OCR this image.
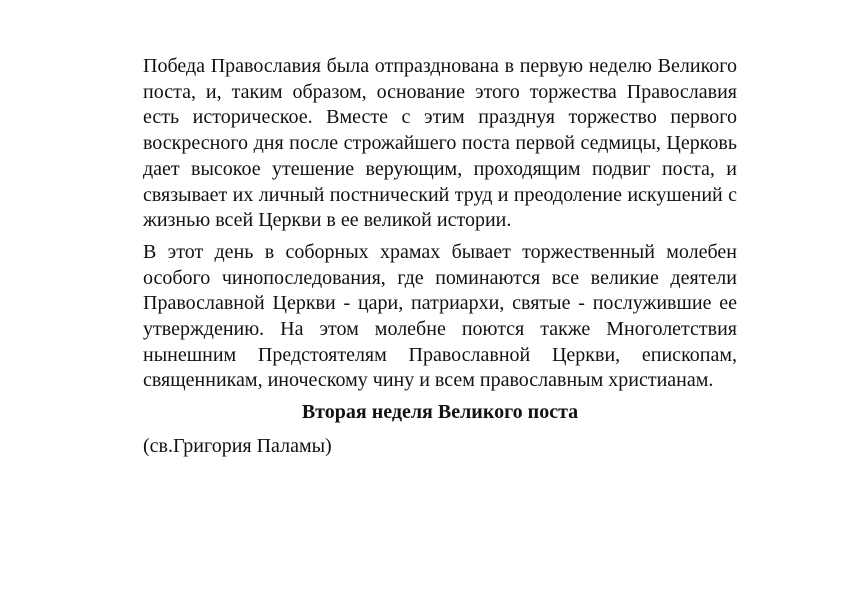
Победа Православия была отпразднована в первую неделю Великого поста, и, таким образом, основание этого торжества Православия есть историческое. Вместе с этим празднуя торжество первого воскресного дня после строжайшего поста первой седмицы, Церковь дает высокое утешение верующим, проходящим подвиг поста, и связывает их личный постнический труд и преодоление искушений с жизнью всей Церкви в ее великой истории.

В этот день в соборных храмах бывает торжественный молебен особого чинопоследования, где поминаются все великие деятели Православной Церкви - цари, патриархи, святые - послужившие ее утверждению. На этом молебне поются также Многолетствия нынешним Предстоятелям Православной Церкви, епископам, священникам, иноческому чину и всем православным христианам.

Вторая неделя Великого поста

(св.Григория Паламы)
